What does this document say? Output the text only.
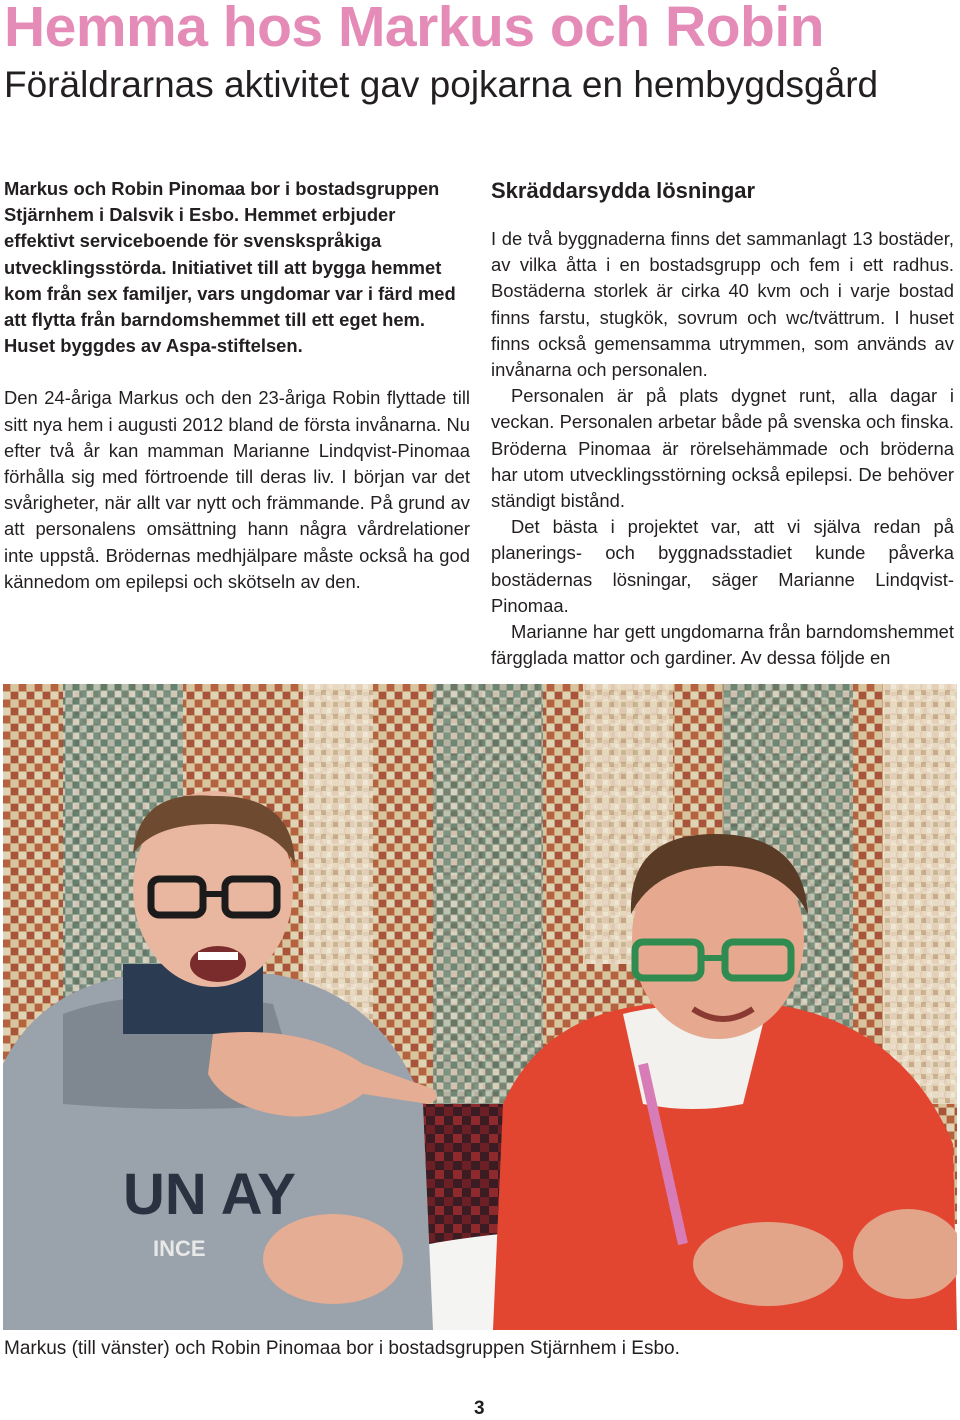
Hemma hos Markus och Robin
Föräldrarnas aktivitet gav pojkarna en hembygdsgård

Markus och Robin Pinomaa bor i bostadsgruppen Stjärnhem i Dalsvik i Esbo. Hemmet erbjuder effektivt serviceboende för svenskspråkiga utvecklingsstörda. Initiativet till att bygga hemmet kom från sex familjer, vars ungdomar var i färd med att flytta från barndomshemmet till ett eget hem. Huset byggdes av Aspa-stiftelsen.

Den 24-åriga Markus och den 23-åriga Robin flyttade till sitt nya hem i augusti 2012 bland de första invånarna. Nu efter två år kan mamman Marianne Lindqvist-Pinomaa förhålla sig med förtroende till deras liv. I början var det svårigheter, när allt var nytt och främmande. På grund av att personalens omsättning hann några vårdrelationer inte uppstå. Brödernas medhjälpare måste också ha god kännedom om epilepsi och skötseln av den.

Skräddarsydda lösningar

I de två byggnaderna finns det sammanlagt 13 bostäder, av vilka åtta i en bostadsgrupp och fem i ett radhus. Bostäderna storlek är cirka 40 kvm och i varje bostad finns farstu, stugkök, sovrum och wc/tvättrum. I huset finns också gemensamma utrymmen, som används av invånarna och personalen.

Personalen är på plats dygnet runt, alla dagar i veckan. Personalen arbetar både på svenska och finska. Bröderna Pinomaa är rörelsehämmade och bröderna har utom utvecklingsstörning också epilepsi. De behöver ständigt bistånd.

Det bästa i projektet var, att vi själva redan på planerings- och byggnadsstadiet kunde påverka bostädernas lösningar, säger Marianne Lindqvist-Pinomaa.

Marianne har gett ungdomarna från barndomshemmet färgglada mattor och gardiner. Av dessa följde en

UN AY
INCE
Markus (till vänster) och Robin Pinomaa bor i bostadsgruppen Stjärnhem i Esbo.
3
